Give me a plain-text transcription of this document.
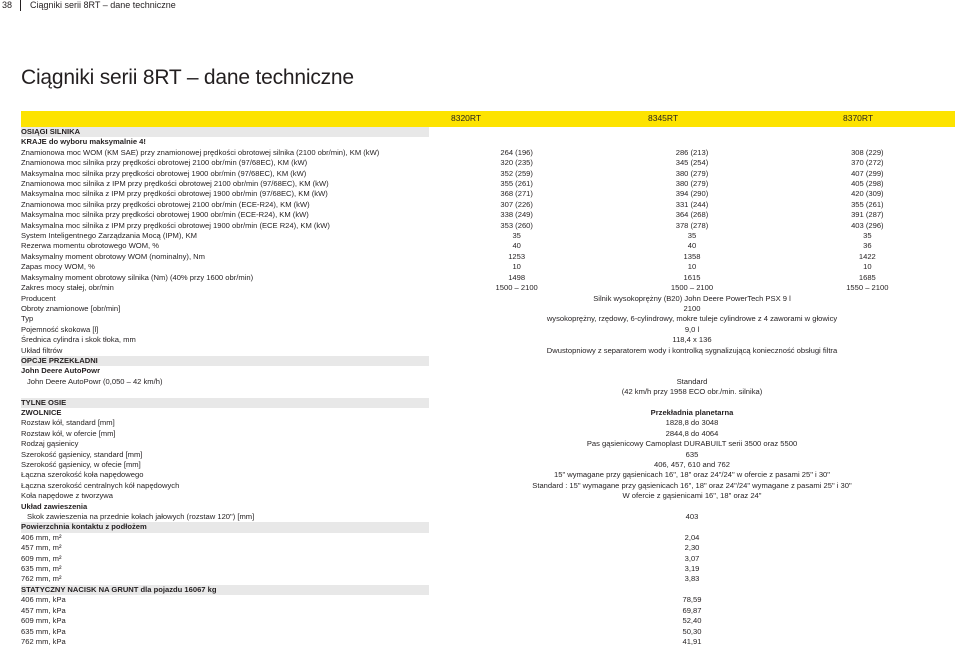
38 Ciągniki serii 8RT – dane techniczne
Ciągniki serii 8RT – dane techniczne
8320RT	8345RT	8370RT
OSIĄGI SILNIKA			
KRAJE do wyboru maksymalnie 4!			
Znamionowa moc WOM (KM SAE) przy znamionowej prędkości obrotowej silnika (2100 obr/min), KM (kW)	264 (196)	286 (213)	308 (229)
Znamionowa moc silnika przy prędkości obrotowej 2100 obr/min (97/68EC), KM (kW)	320 (235)	345 (254)	370 (272)
Maksymalna moc silnika przy prędkości obrotowej 1900 obr/min (97/68EC), KM (kW)	352 (259)	380 (279)	407 (299)
Znamionowa moc silnika z IPM przy prędkości obrotowej 2100 obr/min (97/68EC), KM (kW)	355 (261)	380 (279)	405 (298)
Maksymalna moc silnika z IPM przy prędkości obrotowej 1900 obr/min (97/68EC), KM (kW)	368 (271)	394 (290)	420 (309)
Znamionowa moc silnika przy prędkości obrotowej 2100 obr/min (ECE-R24), KM (kW)	307 (226)	331 (244)	355 (261)
Maksymalna moc silnika przy prędkości obrotowej 1900 obr/min (ECE-R24), KM (kW)	338 (249)	364 (268)	391 (287)
Maksymalna moc silnika z IPM przy prędkości obrotowej 1900 obr/min (ECE R24), KM (kW)	353 (260)	378 (278)	403 (296)
System Inteligentnego Zarządzania Mocą (IPM), KM	35	35	35
Rezerwa momentu obrotowego WOM, %	40	40	36
Maksymalny moment obrotowy WOM (nominalny), Nm	1253	1358	1422
Zapas mocy WOM, %	10	10	10
Maksymalny moment obrotowy silnika (Nm) (40% przy 1600 obr/min)	1498	1615	1685
Zakres mocy stałej, obr/min	1500 – 2100	1500 – 2100	1550 – 2100
Producent	Silnik wysokoprężny (B20) John Deere PowerTech PSX 9 l		
Obroty znamionowe [obr/min]	2100		
Typ	wysokoprężny, rzędowy, 6-cylindrowy, mokre tuleje cylindrowe z 4 zaworami w głowicy		
Pojemność skokowa [l]	9,0 l		
Średnica cylindra i skok tłoka, mm	118,4 x 136		
Układ filtrów	Dwustopniowy z separatorem wody i kontrolką sygnalizującą konieczność obsługi filtra		
OPCJE PRZEKŁADNI			
John Deere AutoPowr			
John Deere AutoPowr (0,050 – 42 km/h)	Standard		
	(42 km/h przy 1958 ECO obr./min. silnika)		

TYLNE OSIE			
ZWOLNICE	Przekładnia planetarna		
Rozstaw kół, standard [mm]	1828,8 do 3048		
Rozstaw kół, w ofercie [mm]	2844,8 do 4064		
Rodzaj gąsienicy	Pas gąsienicowy Camoplast DURABUILT serii 3500 oraz 5500		
Szerokość gąsienicy, standard [mm]	635		
Szerokość gąsienicy, w ofecie [mm]	406, 457, 610 and 762		
Łączna szerokość koła napędowego	15" wymagane przy gąsienicach 16", 18" oraz 24"/24" w ofercie z pasami 25" i 30"		
Łączna szerokość centralnych kół napędowych	Standard : 15" wymagane przy gąsienicach 16", 18" oraz 24"/24" wymagane z pasami 25" i 30"		
Koła napędowe z tworzywa	W ofercie z gąsienicami 16", 18" oraz 24"		
Układ zawieszenia			
Skok zawieszenia na przednie kołach jałowych (rozstaw 120") [mm]	403		
Powierzchnia kontaktu z podłożem			
406 mm, m²	2,04		
457 mm, m²	2,30		
609 mm, m²	3,07		
635 mm, m²	3,19		
762 mm, m²	3,83		
STATYCZNY NACISK NA GRUNT dla pojazdu 16067 kg			
406 mm, kPa	78,59		
457 mm, kPa	69,87		
609 mm, kPa	52,40		
635 mm, kPa	50,30		
762 mm, kPa	41,91		
